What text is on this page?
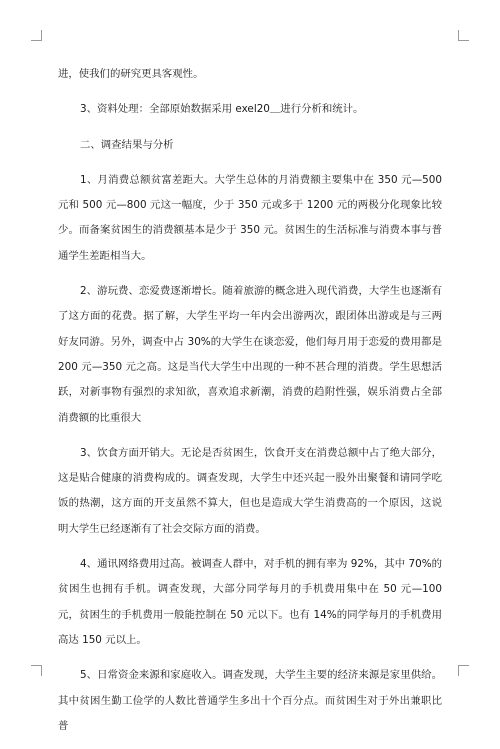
进，使我们的研究更具客观性。

3、资料处理：全部原始数据采用 exel20＿进行分析和统计。

二、调查结果与分析

1、月消费总额贫富差距大。大学生总体的月消费额主要集中在 350 元—500 元和 500 元—800 元这一幅度，少于 350 元或多于 1200 元的两极分化现象比较少。而备案贫困生的消费额基本是少于 350 元。贫困生的生活标准与消费本事与普通学生差距相当大。

2、游玩费、恋爱费逐渐增长。随着旅游的概念进入现代消费，大学生也逐渐有了这方面的花费。据了解，大学生平均一年内会出游两次，跟团体出游或是与三两好友同游。另外，调查中占 30%的大学生在谈恋爱，他们每月用于恋爱的费用都是 200 元—350 元之高。这是当代大学生中出现的一种不甚合理的消费。学生思想活跃，对新事物有强烈的求知欲，喜欢追求新潮，消费的趋附性强，娱乐消费占全部消费额的比重很大

3、饮食方面开销大。无论是否贫困生，饮食开支在消费总额中占了绝大部分，这是贴合健康的消费构成的。调查发现，大学生中还兴起一股外出聚餐和请同学吃饭的热潮，这方面的开支虽然不算大，但也是造成大学生消费高的一个原因，这说明大学生已经逐渐有了社会交际方面的消费。

4、通讯网络费用过高。被调查人群中，对手机的拥有率为 92%，其中 70%的贫困生也拥有手机。调查发现，大部分同学每月的手机费用集中在 50 元—100 元，贫困生的手机费用一般能控制在 50 元以下。也有 14%的同学每月的手机费用高达 150 元以上。

5、日常资金来源和家庭收入。调查发现，大学生主要的经济来源是家里供给。其中贫困生勤工俭学的人数比普通学生多出十个百分点。而贫困生对于外出兼职比普
